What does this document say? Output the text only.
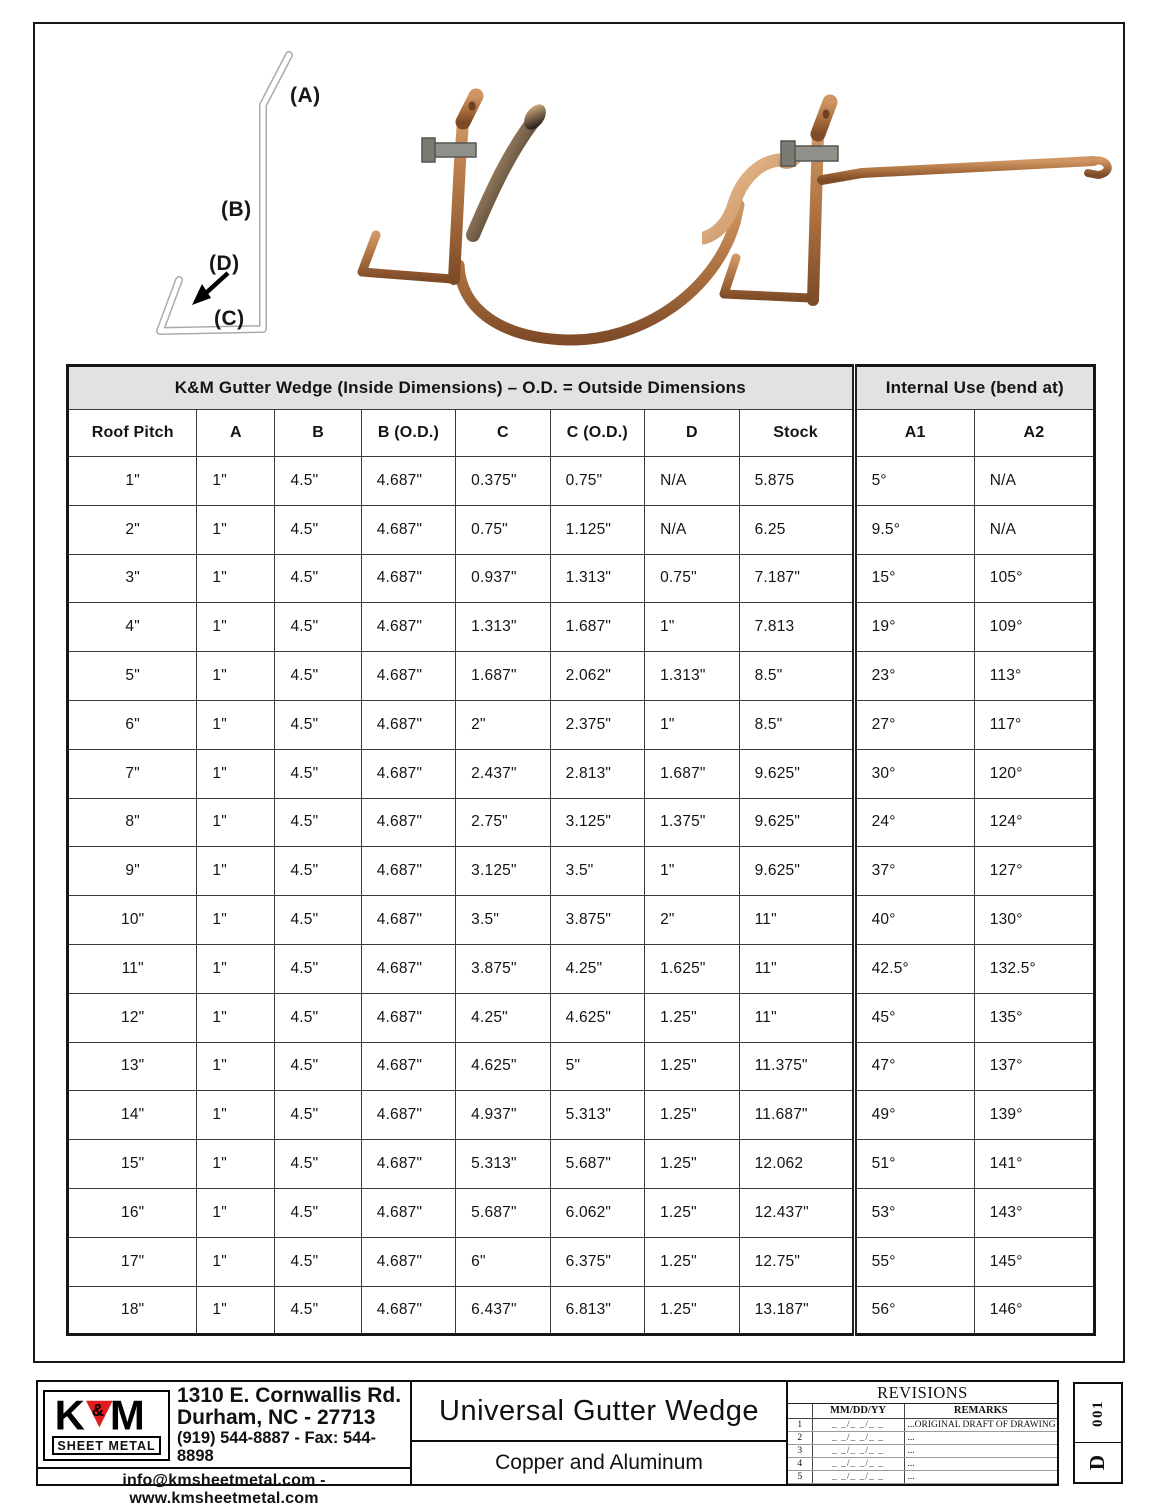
(A)
(B)
(D)
(C)
K&M Gutter Wedge (Inside Dimensions) – O.D. = Outside Dimensions								Internal Use (bend at)	
Roof Pitch	A	B	B (O.D.)	C	C (O.D.)	D	Stock	A1	A2
1"	1"	4.5"	4.687"	0.375"	0.75"	N/A	5.875	5°	N/A
2"	1"	4.5"	4.687"	0.75"	1.125"	N/A	6.25	9.5°	N/A
3"	1"	4.5"	4.687"	0.937"	1.313"	0.75"	7.187"	15°	105°
4"	1"	4.5"	4.687"	1.313"	1.687"	1"	7.813	19°	109°
5"	1"	4.5"	4.687"	1.687"	2.062"	1.313"	8.5"	23°	113°
6"	1"	4.5"	4.687"	2"	2.375"	1"	8.5"	27°	117°
7"	1"	4.5"	4.687"	2.437"	2.813"	1.687"	9.625"	30°	120°
8"	1"	4.5"	4.687"	2.75"	3.125"	1.375"	9.625"	24°	124°
9"	1"	4.5"	4.687"	3.125"	3.5"	1"	9.625"	37°	127°
10"	1"	4.5"	4.687"	3.5"	3.875"	2"	11"	40°	130°
11"	1"	4.5"	4.687"	3.875"	4.25"	1.625"	11"	42.5°	132.5°
12"	1"	4.5"	4.687"	4.25"	4.625"	1.25"	11"	45°	135°
13"	1"	4.5"	4.687"	4.625"	5"	1.25"	11.375"	47°	137°
14"	1"	4.5"	4.687"	4.937"	5.313"	1.25"	11.687"	49°	139°
15"	1"	4.5"	4.687"	5.313"	5.687"	1.25"	12.062	51°	141°
16"	1"	4.5"	4.687"	5.687"	6.062"	1.25"	12.437"	53°	143°
17"	1"	4.5"	4.687"	6"	6.375"	1.25"	12.75"	55°	145°
18"	1"	4.5"	4.687"	6.437"	6.813"	1.25"	13.187"	56°	146°
K & M
SHEET METAL
1310 E. Cornwallis Rd.
Durham, NC - 27713
(919) 544-8887 - Fax: 544-8898
info@kmsheetmetal.com - www.kmsheetmetal.com
Universal Gutter Wedge
Copper and Aluminum
REVISIONS
	MM/DD/YY	REMARKS
1	_ _/_ _/_ _	...ORIGINAL DRAFT OF DRAWING
2	_ _/_ _/_ _	...
3	_ _/_ _/_ _	...
4	_ _/_ _/_ _	...
5	_ _/_ _/_ _	...
001
D
